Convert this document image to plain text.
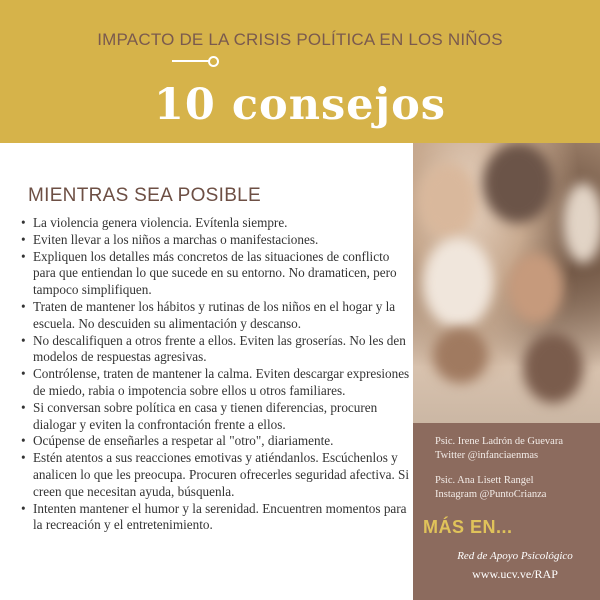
IMPACTO DE LA CRISIS POLÍTICA EN LOS NIÑOS
10 consejos
MIENTRAS SEA POSIBLE
• La violencia genera violencia. Evítenla siempre.
• Eviten llevar a los niños a marchas o manifestaciones.
• Expliquen los detalles más concretos de las situaciones de conflicto para que entiendan lo que sucede en su entorno. No dramaticen, pero tampoco simplifiquen.
• Traten de mantener los hábitos y rutinas de los niños en el hogar y la escuela. No descuiden su alimentación y descanso.
• No descalifiquen a otros frente a ellos. Eviten las groserías. No les den modelos de respuestas agresivas.
• Contrólense, traten de mantener la calma. Eviten descargar expresiones de miedo, rabia o impotencia sobre ellos u otros familiares.
• Si conversan sobre política en casa y tienen diferencias, procuren dialogar y eviten la confrontación frente a ellos.
• Ocúpense de enseñarles a respetar al "otro", diariamente.
• Estén atentos a sus reacciones emotivas y atiéndanlos. Escúchenlos y analicen lo que les preocupa. Procuren ofrecerles seguridad afectiva. Si creen que necesitan ayuda, búsquenla.
• Intenten mantener el humor y la serenidad. Encuentren momentos para la recreación y el entretenimiento.
Psic. Irene Ladrón de Guevara
Twitter @infanciaenmas
Psic. Ana Lisett Rangel
Instagram @PuntoCrianza
MÁS EN...
Red de Apoyo Psicológico
www.ucv.ve/RAP
